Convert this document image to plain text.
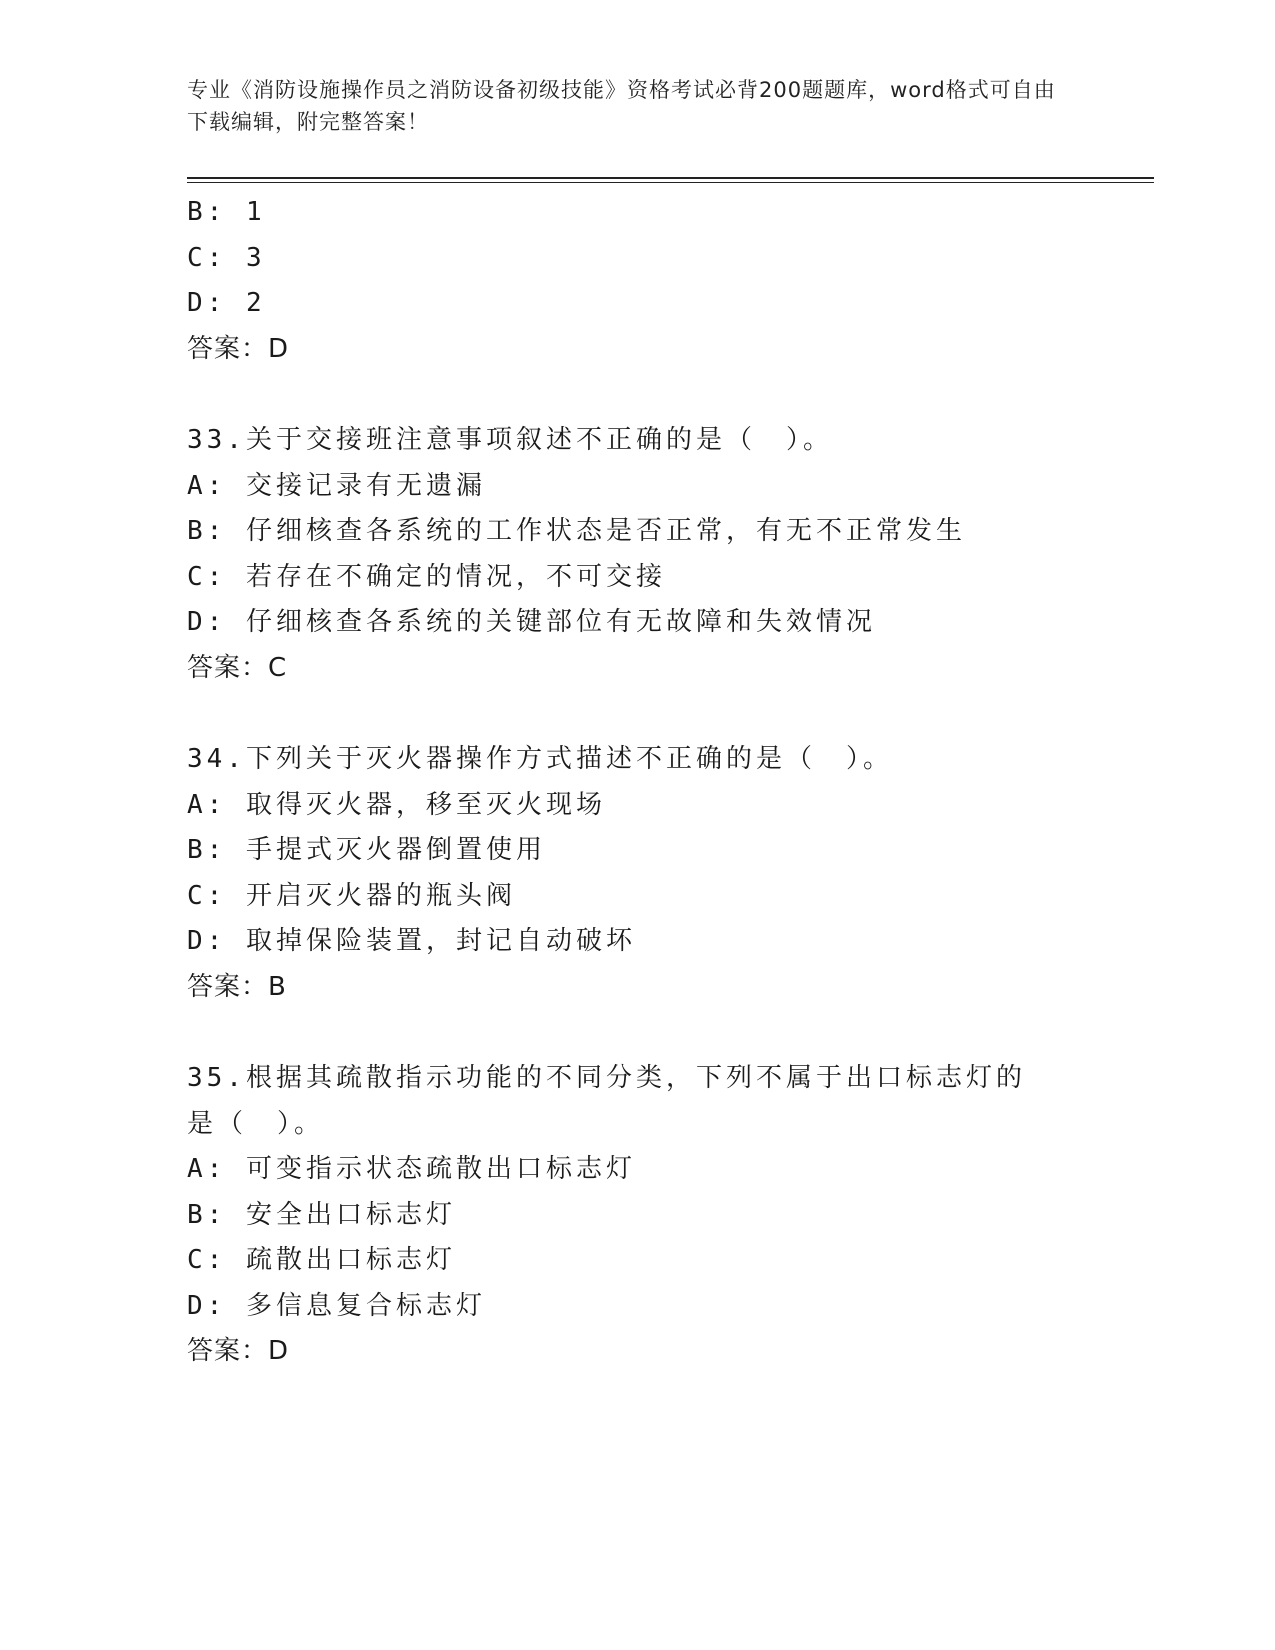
专业《消防设施操作员之消防设备初级技能》资格考试必背200题题库，word格式可自由下载编辑，附完整答案！
B: 1
C: 3
D: 2
答案：D
33.关于交接班注意事项叙述不正确的是（　）。
A: 交接记录有无遗漏
B: 仔细核查各系统的工作状态是否正常，有无不正常发生
C: 若存在不确定的情况，不可交接
D: 仔细核查各系统的关键部位有无故障和失效情况
答案：C
34.下列关于灭火器操作方式描述不正确的是（　）。
A: 取得灭火器，移至灭火现场
B: 手提式灭火器倒置使用
C: 开启灭火器的瓶头阀
D: 取掉保险装置，封记自动破坏
答案：B
35.根据其疏散指示功能的不同分类，下列不属于出口标志灯的是（　）。
A: 可变指示状态疏散出口标志灯
B: 安全出口标志灯
C: 疏散出口标志灯
D: 多信息复合标志灯
答案：D
